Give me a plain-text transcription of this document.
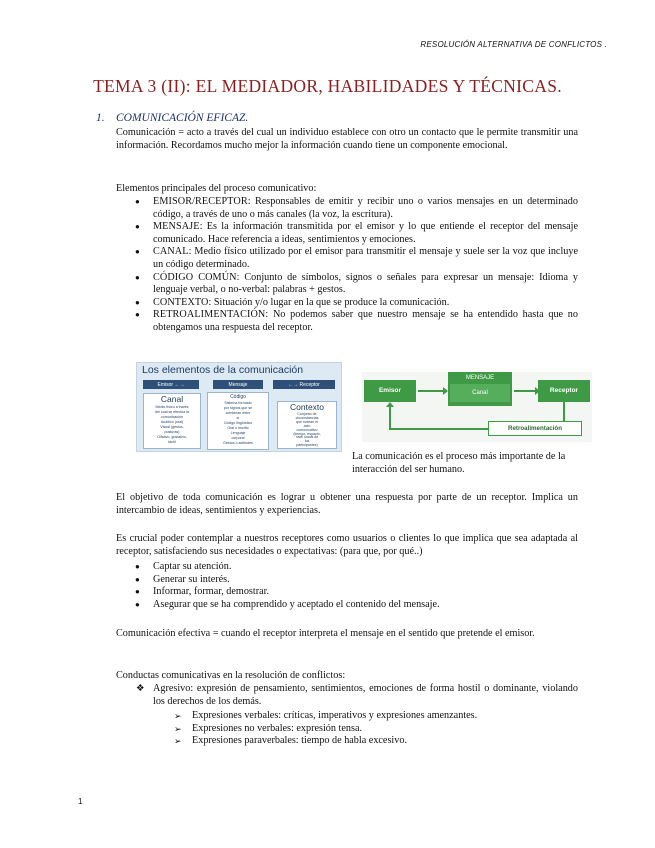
RESOLUCIÓN ALTERNATIVA DE CONFLICTOS .
TEMA 3 (II): EL MEDIADOR, HABILIDADES Y TÉCNICAS.
1. COMUNICACIÓN EFICAZ.

Comunicación = acto a través del cual un individuo establece con otro un contacto que le permite transmitir una información. Recordamos mucho mejor la información cuando tiene un componente emocional.

Elementos principales del proceso comunicativo:

● EMISOR/RECEPTOR: Responsables de emitir y recibir uno o varios mensajes en un determinado código, a través de uno o más canales (la voz, la escritura).
● MENSAJE: Es la información transmitida por el emisor y lo que entiende el receptor del mensaje comunicado. Hace referencia a ideas, sentimientos y emociones.
● CANAL: Medio físico utilizado por el emisor para transmitir el mensaje y suele ser la voz que incluye un código determinado.
● CÓDIGO COMÚN: Conjunto de símbolos, signos o señales para expresar un mensaje: Idioma y lenguaje verbal, o no-verbal: palabras + gestos.
● CONTEXTO: Situación y/o lugar en la que se produce la comunicación.
● RETROALIMENTACIÓN: No podemos saber que nuestro mensaje se ha entendido hasta que no obtengamos una respuesta del receptor.
Los elementos de la comunicación
Emisor ←→	Mensaje	←→ Receptor
Canal
Medio físico a través
del cual se efectúa la
comunicación
Auditivo (oral)
Visual (gestos,
posturas)
Olfativo, gustativo,
táctil
Código
Sistema formado
por signos que se
combinan entre
sí
Código lingüístico
Oral o escrito
Lenguaje
corporal
Gestos o actitudes
Contexto
Conjunto de
circunstancias
que rodean el
acto
comunicativo
(tiempo, espacio,
nivel social de
los
participantes)
Emisor
MENSAJE
Canal	Receptor
Retroalimentación

La comunicación es el proceso más importante de la interacción del ser humano.

El objetivo de toda comunicación es lograr u obtener una respuesta por parte de un receptor. Implica un intercambio de ideas, sentimientos y experiencias.

Es crucial poder contemplar a nuestros receptores como usuarios o clientes lo que implica que sea adaptada al receptor, satisfaciendo sus necesidades o expectativas: (para que, por qué..)

● Captar su atención.
● Generar su interés.
● Informar, formar, demostrar.
● Asegurar que se ha comprendido y aceptado el contenido del mensaje.

Comunicación efectiva = cuando el receptor interpreta el mensaje en el sentido que pretende el emisor.

Conductas comunicativas en la resolución de conflictos:

❖ Agresivo: expresión de pensamiento, sentimientos, emociones de forma hostil o dominante, violando los derechos de los demás.
➢ Expresiones verbales: críticas, imperativos y expresiones amenzantes.
➢ Expresiones no verbales: expresión tensa.
➢ Expresiones paraverbales: tiempo de habla excesivo.
1
